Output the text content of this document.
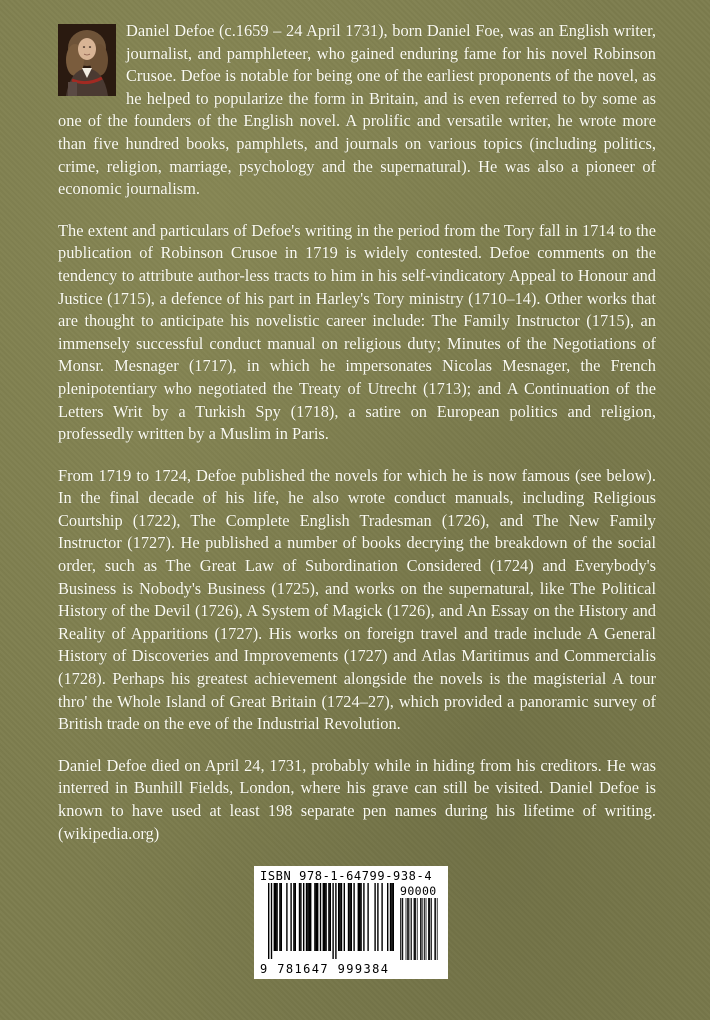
Daniel Defoe (c.1659 – 24 April 1731), born Daniel Foe, was an English writer, journalist, and pamphleteer, who gained enduring fame for his novel Robinson Crusoe. Defoe is notable for being one of the earliest proponents of the novel, as he helped to popularize the form in Britain, and is even referred to by some as one of the founders of the English novel. A prolific and versatile writer, he wrote more than five hundred books, pamphlets, and journals on various topics (including politics, crime, religion, marriage, psychology and the supernatural). He was also a pioneer of economic journalism.

The extent and particulars of Defoe's writing in the period from the Tory fall in 1714 to the publication of Robinson Crusoe in 1719 is widely contested. Defoe comments on the tendency to attribute author-less tracts to him in his self-vindicatory Appeal to Honour and Justice (1715), a defence of his part in Harley's Tory ministry (1710–14). Other works that are thought to anticipate his novelistic career include: The Family Instructor (1715), an immensely successful conduct manual on religious duty; Minutes of the Negotiations of Monsr. Mesnager (1717), in which he impersonates Nicolas Mesnager, the French plenipotentiary who negotiated the Treaty of Utrecht (1713); and A Continuation of the Letters Writ by a Turkish Spy (1718), a satire on European politics and religion, professedly written by a Muslim in Paris.

From 1719 to 1724, Defoe published the novels for which he is now famous (see below). In the final decade of his life, he also wrote conduct manuals, including Religious Courtship (1722), The Complete English Tradesman (1726), and The New Family Instructor (1727). He published a number of books decrying the breakdown of the social order, such as The Great Law of Subordination Considered (1724) and Everybody's Business is Nobody's Business (1725), and works on the supernatural, like The Political History of the Devil (1726), A System of Magick (1726), and An Essay on the History and Reality of Apparitions (1727). His works on foreign travel and trade include A General History of Discoveries and Improvements (1727) and Atlas Maritimus and Commercialis (1728). Perhaps his greatest achievement alongside the novels is the magisterial A tour thro' the Whole Island of Great Britain (1724–27), which provided a panoramic survey of British trade on the eve of the Industrial Revolution.

Daniel Defoe died on April 24, 1731, probably while in hiding from his creditors. He was interred in Bunhill Fields, London, where his grave can still be visited. Daniel Defoe is known to have used at least 198 separate pen names during his lifetime of writing. (wikipedia.org)

ISBN 978-1-64799-938-4
90000
9 781647 999384
